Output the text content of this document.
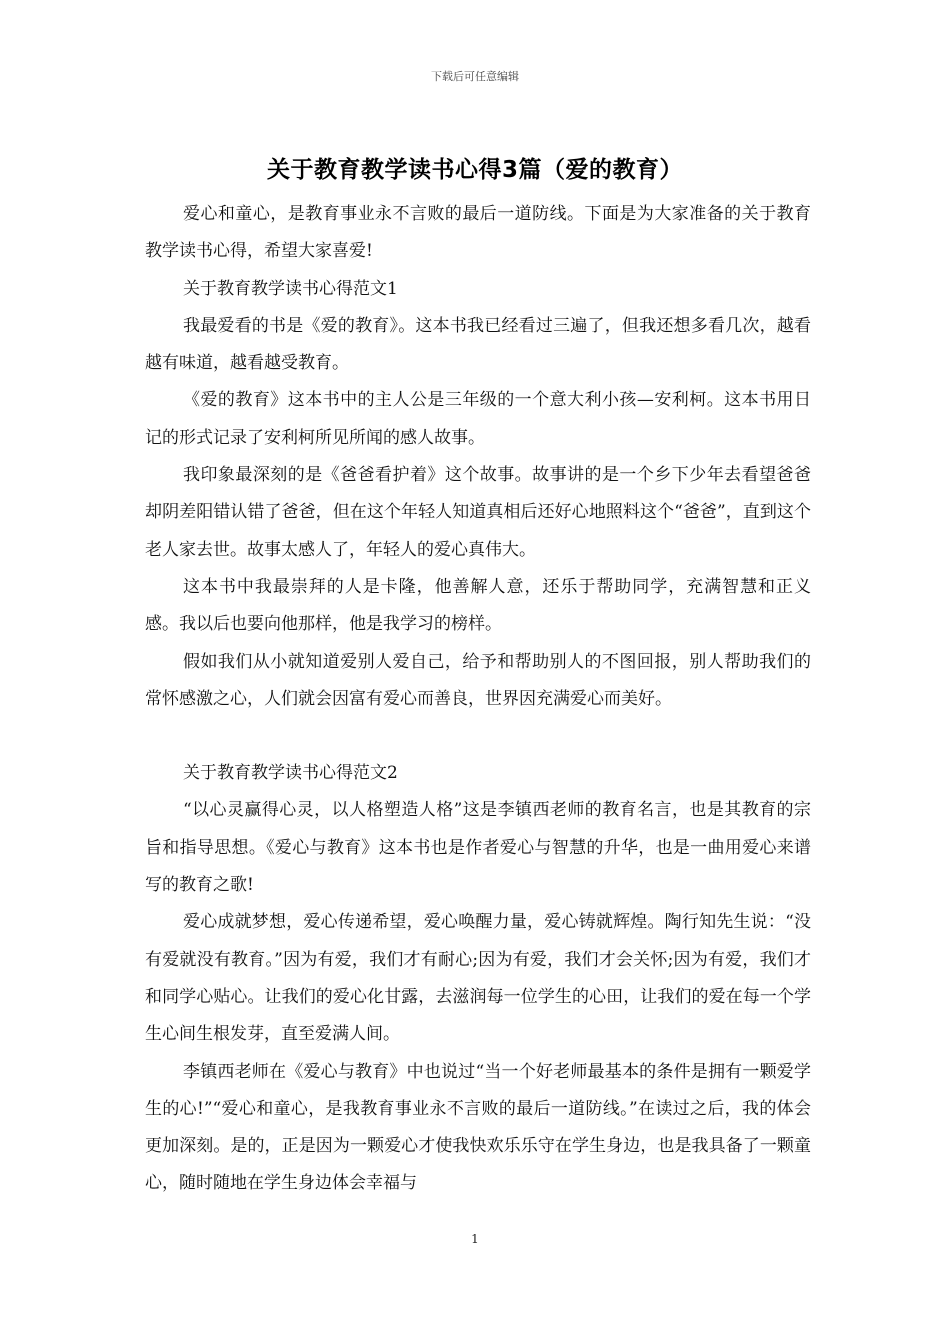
下载后可任意编辑
关于教育教学读书心得3篇（爱的教育）

爱心和童心，是教育事业永不言败的最后一道防线。下面是为大家准备的关于教育教学读书心得，希望大家喜爱!

关于教育教学读书心得范文1

我最爱看的书是《爱的教育》。这本书我已经看过三遍了，但我还想多看几次，越看越有味道，越看越受教育。

《爱的教育》这本书中的主人公是三年级的一个意大利小孩—安利柯。这本书用日记的形式记录了安利柯所见所闻的感人故事。

我印象最深刻的是《爸爸看护着》这个故事。故事讲的是一个乡下少年去看望爸爸却阴差阳错认错了爸爸，但在这个年轻人知道真相后还好心地照料这个“爸爸”，直到这个老人家去世。故事太感人了，年轻人的爱心真伟大。

这本书中我最崇拜的人是卡隆，他善解人意，还乐于帮助同学，充满智慧和正义感。我以后也要向他那样，他是我学习的榜样。

假如我们从小就知道爱别人爱自己，给予和帮助别人的不图回报，别人帮助我们的常怀感激之心，人们就会因富有爱心而善良，世界因充满爱心而美好。

关于教育教学读书心得范文2

“以心灵赢得心灵，以人格塑造人格”这是李镇西老师的教育名言，也是其教育的宗旨和指导思想。《爱心与教育》这本书也是作者爱心与智慧的升华，也是一曲用爱心来谱写的教育之歌!

爱心成就梦想，爱心传递希望，爱心唤醒力量，爱心铸就辉煌。陶行知先生说：“没有爱就没有教育。”因为有爱，我们才有耐心;因为有爱，我们才会关怀;因为有爱，我们才和同学心贴心。让我们的爱心化甘露，去滋润每一位学生的心田，让我们的爱在每一个学生心间生根发芽，直至爱满人间。

李镇西老师在《爱心与教育》中也说过“当一个好老师最基本的条件是拥有一颗爱学生的心!”“爱心和童心，是我教育事业永不言败的最后一道防线。”在读过之后，我的体会更加深刻。是的，正是因为一颗爱心才使我快欢乐乐守在学生身边，也是我具备了一颗童心，随时随地在学生身边体会幸福与

1
